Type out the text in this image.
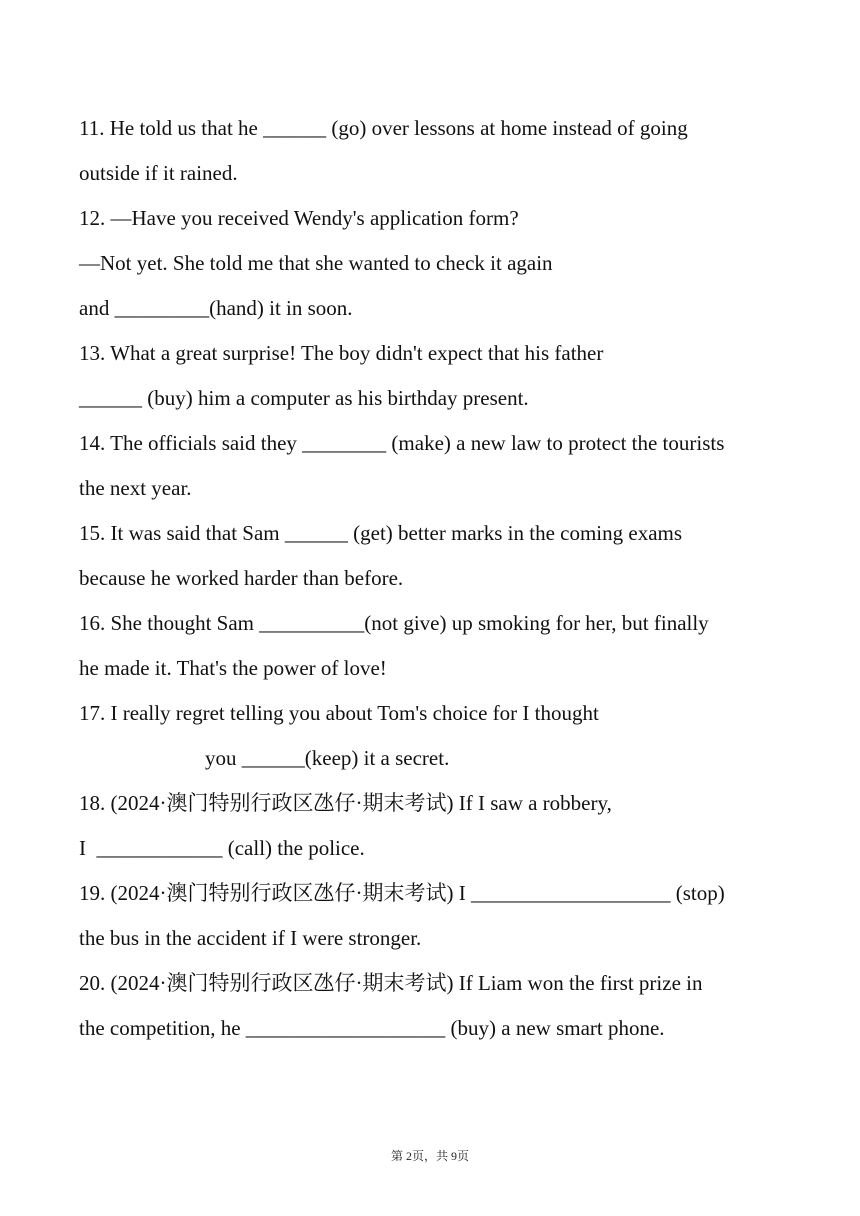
11. He told us that he ______ (go) over lessons at home instead of going
outside if it rained.
12. —Have you received Wendy's application form?
—Not yet. She told me that she wanted to check it again
and _________(hand) it in soon.
13. What a great surprise! The boy didn't expect that his father
______ (buy) him a computer as his birthday present.
14. The officials said they ________ (make) a new law to protect the tourists
the next year.
15. It was said that Sam ______ (get) better marks in the coming exams
because he worked harder than before.
16. She thought Sam __________(not give) up smoking for her, but finally
he made it. That's the power of love!
17. I really regret telling you about Tom's choice for I thought
you ______(keep) it a secret.
18. (2024·澳门特别行政区氹仔·期末考试) If I saw a robbery,
I  ____________ (call) the police.
19. (2024·澳门特别行政区氹仔·期末考试) I ___________________ (stop)
the bus in the accident if I were stronger.
20. (2024·澳门特别行政区氹仔·期末考试) If Liam won the first prize in
the competition, he ___________________ (buy) a new smart phone.
第 2页，共 9页
